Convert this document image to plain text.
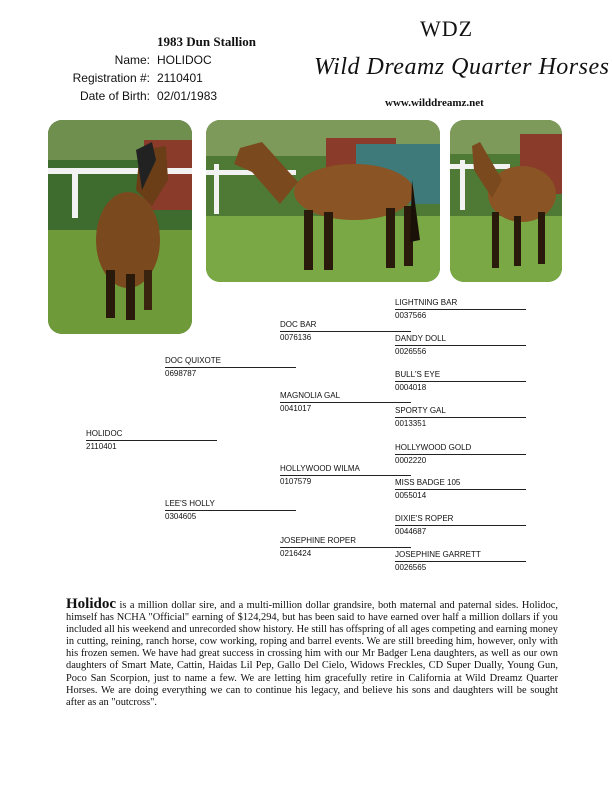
1983 Dun Stallion
Name: HOLIDOC
Registration #: 2110401
Date of Birth: 02/01/1983
WDZ
Wild Dreamz Quarter Horses
www.wilddreamz.net
HOLIDOC
2110401
DOC QUIXOTE
0698787
LEE'S HOLLY
0304605
DOC BAR
0076136
MAGNOLIA GAL
0041017
HOLLYWOOD WILMA
0107579
JOSEPHINE ROPER
0216424
LIGHTNING BAR
0037566
DANDY DOLL
0026556
BULL'S EYE
0004018
SPORTY GAL
0013351
HOLLYWOOD GOLD
0002220
MISS BADGE 105
0055014
DIXIE'S ROPER
0044687
JOSEPHINE GARRETT
0026565
Holidoc is a million dollar sire, and a multi-million dollar grandsire, both maternal and paternal sides. Holidoc, himself has NCHA "Official" earning of $124,294, but has been said to have earned over half a million dollars if you included all his weekend and unrecorded show history. He still has offspring of all ages competing and earning money in cutting, reining, ranch horse, cow working, roping and barrel events. We are still breeding him, however, only with his frozen semen. We have had great success in crossing him with our Mr Badger Lena daughters, as well as our own daughters of Smart Mate, Cattin, Haidas Lil Pep, Gallo Del Cielo, Widows Freckles, CD Super Dually, Young Gun, Poco San Scorpion, just to name a few. We are letting him gracefully retire in California at Wild Dreamz Quarter Horses. We are doing everything we can to continue his legacy, and believe his sons and daughters will be sought after as an "outcross".
